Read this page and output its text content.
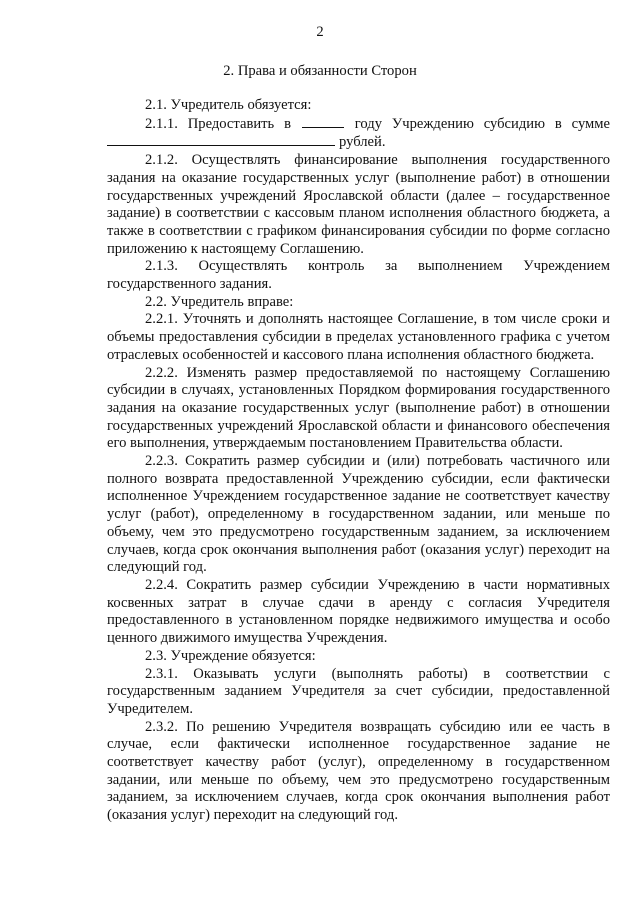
2
2. Права и обязанности Сторон

2.1. Учредитель обязуется:

2.1.1. Предоставить в	году Учреждению субсидию в сумме рублей.

2.1.2. Осуществлять финансирование выполнения государственного задания на оказание государственных услуг (выполнение работ) в отношении государственных учреждений Ярославской области (далее – государственное задание) в соответствии с кассовым планом исполнения областного бюджета, а также в соответствии с графиком финансирования субсидии по форме согласно приложению к настоящему Соглашению.

2.1.3. Осуществлять контроль за выполнением Учреждением государственного задания.

2.2. Учредитель вправе:

2.2.1. Уточнять и дополнять настоящее Соглашение, в том числе сроки и объемы предоставления субсидии в пределах установленного графика с учетом отраслевых особенностей и кассового плана исполнения областного бюджета.

2.2.2. Изменять размер предоставляемой по настоящему Соглашению субсидии в случаях, установленных Порядком формирования государственного задания на оказание государственных услуг (выполнение работ) в отношении государственных учреждений Ярославской области и финансового обеспечения его выполнения, утверждаемым постановлением Правительства области.

2.2.3. Сократить размер субсидии и (или) потребовать частичного или полного возврата предоставленной Учреждению субсидии, если фактически исполненное Учреждением государственное задание не соответствует качеству услуг (работ), определенному в государственном задании, или меньше по объему, чем это предусмотрено государственным заданием, за исключением случаев, когда срок окончания выполнения работ (оказания услуг) переходит на следующий год.

2.2.4. Сократить размер субсидии Учреждению в части нормативных косвенных затрат в случае сдачи в аренду с согласия Учредителя предоставленного в установленном порядке недвижимого имущества и особо ценного движимого имущества Учреждения.

2.3. Учреждение обязуется:

2.3.1. Оказывать услуги (выполнять работы) в соответствии с государственным заданием Учредителя за счет субсидии, предоставленной Учредителем.

2.3.2. По решению Учредителя возвращать субсидию или ее часть в случае, если фактически исполненное государственное задание не соответствует качеству работ (услуг), определенному в государственном задании, или меньше по объему, чем это предусмотрено государственным заданием, за исключением случаев, когда срок окончания выполнения работ (оказания услуг) переходит на следующий год.
